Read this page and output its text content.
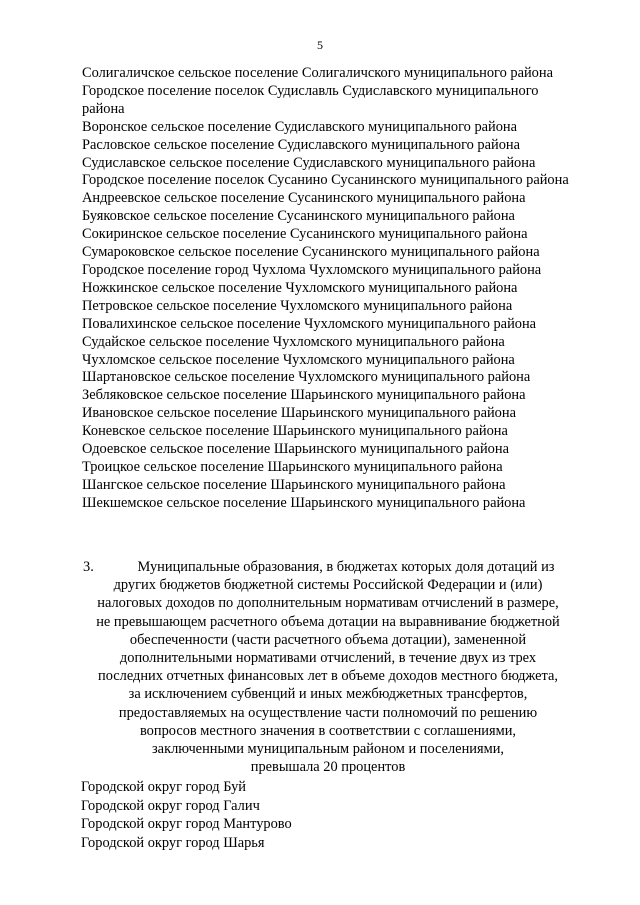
5
Солигаличское сельское поселение Солигаличского муниципального района
Городское поселение поселок Судиславль Судиславского муниципального района
Воронское сельское поселение Судиславского муниципального района
Расловское сельское поселение Судиславского муниципального района
Судиславское сельское поселение Судиславского муниципального района
Городское поселение поселок Сусанино Сусанинского муниципального района
Андреевское сельское поселение Сусанинского муниципального района
Буяковское сельское поселение Сусанинского муниципального района
Сокиринское сельское поселение Сусанинского муниципального района
Сумароковское сельское поселение Сусанинского муниципального района
Городское поселение город Чухлома Чухломского муниципального района
Ножкинское сельское поселение Чухломского муниципального района
Петровское сельское поселение Чухломского муниципального района
Повалихинское сельское поселение Чухломского муниципального района
Судайское сельское поселение Чухломского муниципального района
Чухломское сельское поселение Чухломского муниципального района
Шартановское сельское поселение Чухломского муниципального района
Зебляковское сельское поселение Шарьинского муниципального района
Ивановское сельское поселение Шарьинского муниципального района
Коневское сельское поселение Шарьинского муниципального района
Одоевское сельское поселение Шарьинского муниципального района
Троицкое сельское поселение Шарьинского муниципального района
Шангское сельское поселение Шарьинского муниципального района
Шекшемское сельское поселение Шарьинского муниципального района
3.	Муниципальные образования, в бюджетах которых доля дотаций из
других бюджетов бюджетной системы Российской Федерации и (или)
налоговых доходов по дополнительным нормативам отчислений в размере,
не превышающем расчетного объема дотации на выравнивание бюджетной
обеспеченности (части расчетного объема дотации), замененной
дополнительными нормативами отчислений, в течение двух из трех
последних отчетных финансовых лет в объеме доходов местного бюджета,
за исключением субвенций и иных межбюджетных трансфертов,
предоставляемых на осуществление части полномочий по решению
вопросов местного значения в соответствии с соглашениями,
заключенными муниципальным районом и поселениями,
превышала 20 процентов
Городской округ город Буй
Городской округ город Галич
Городской округ город Мантурово
Городской округ город Шарья
